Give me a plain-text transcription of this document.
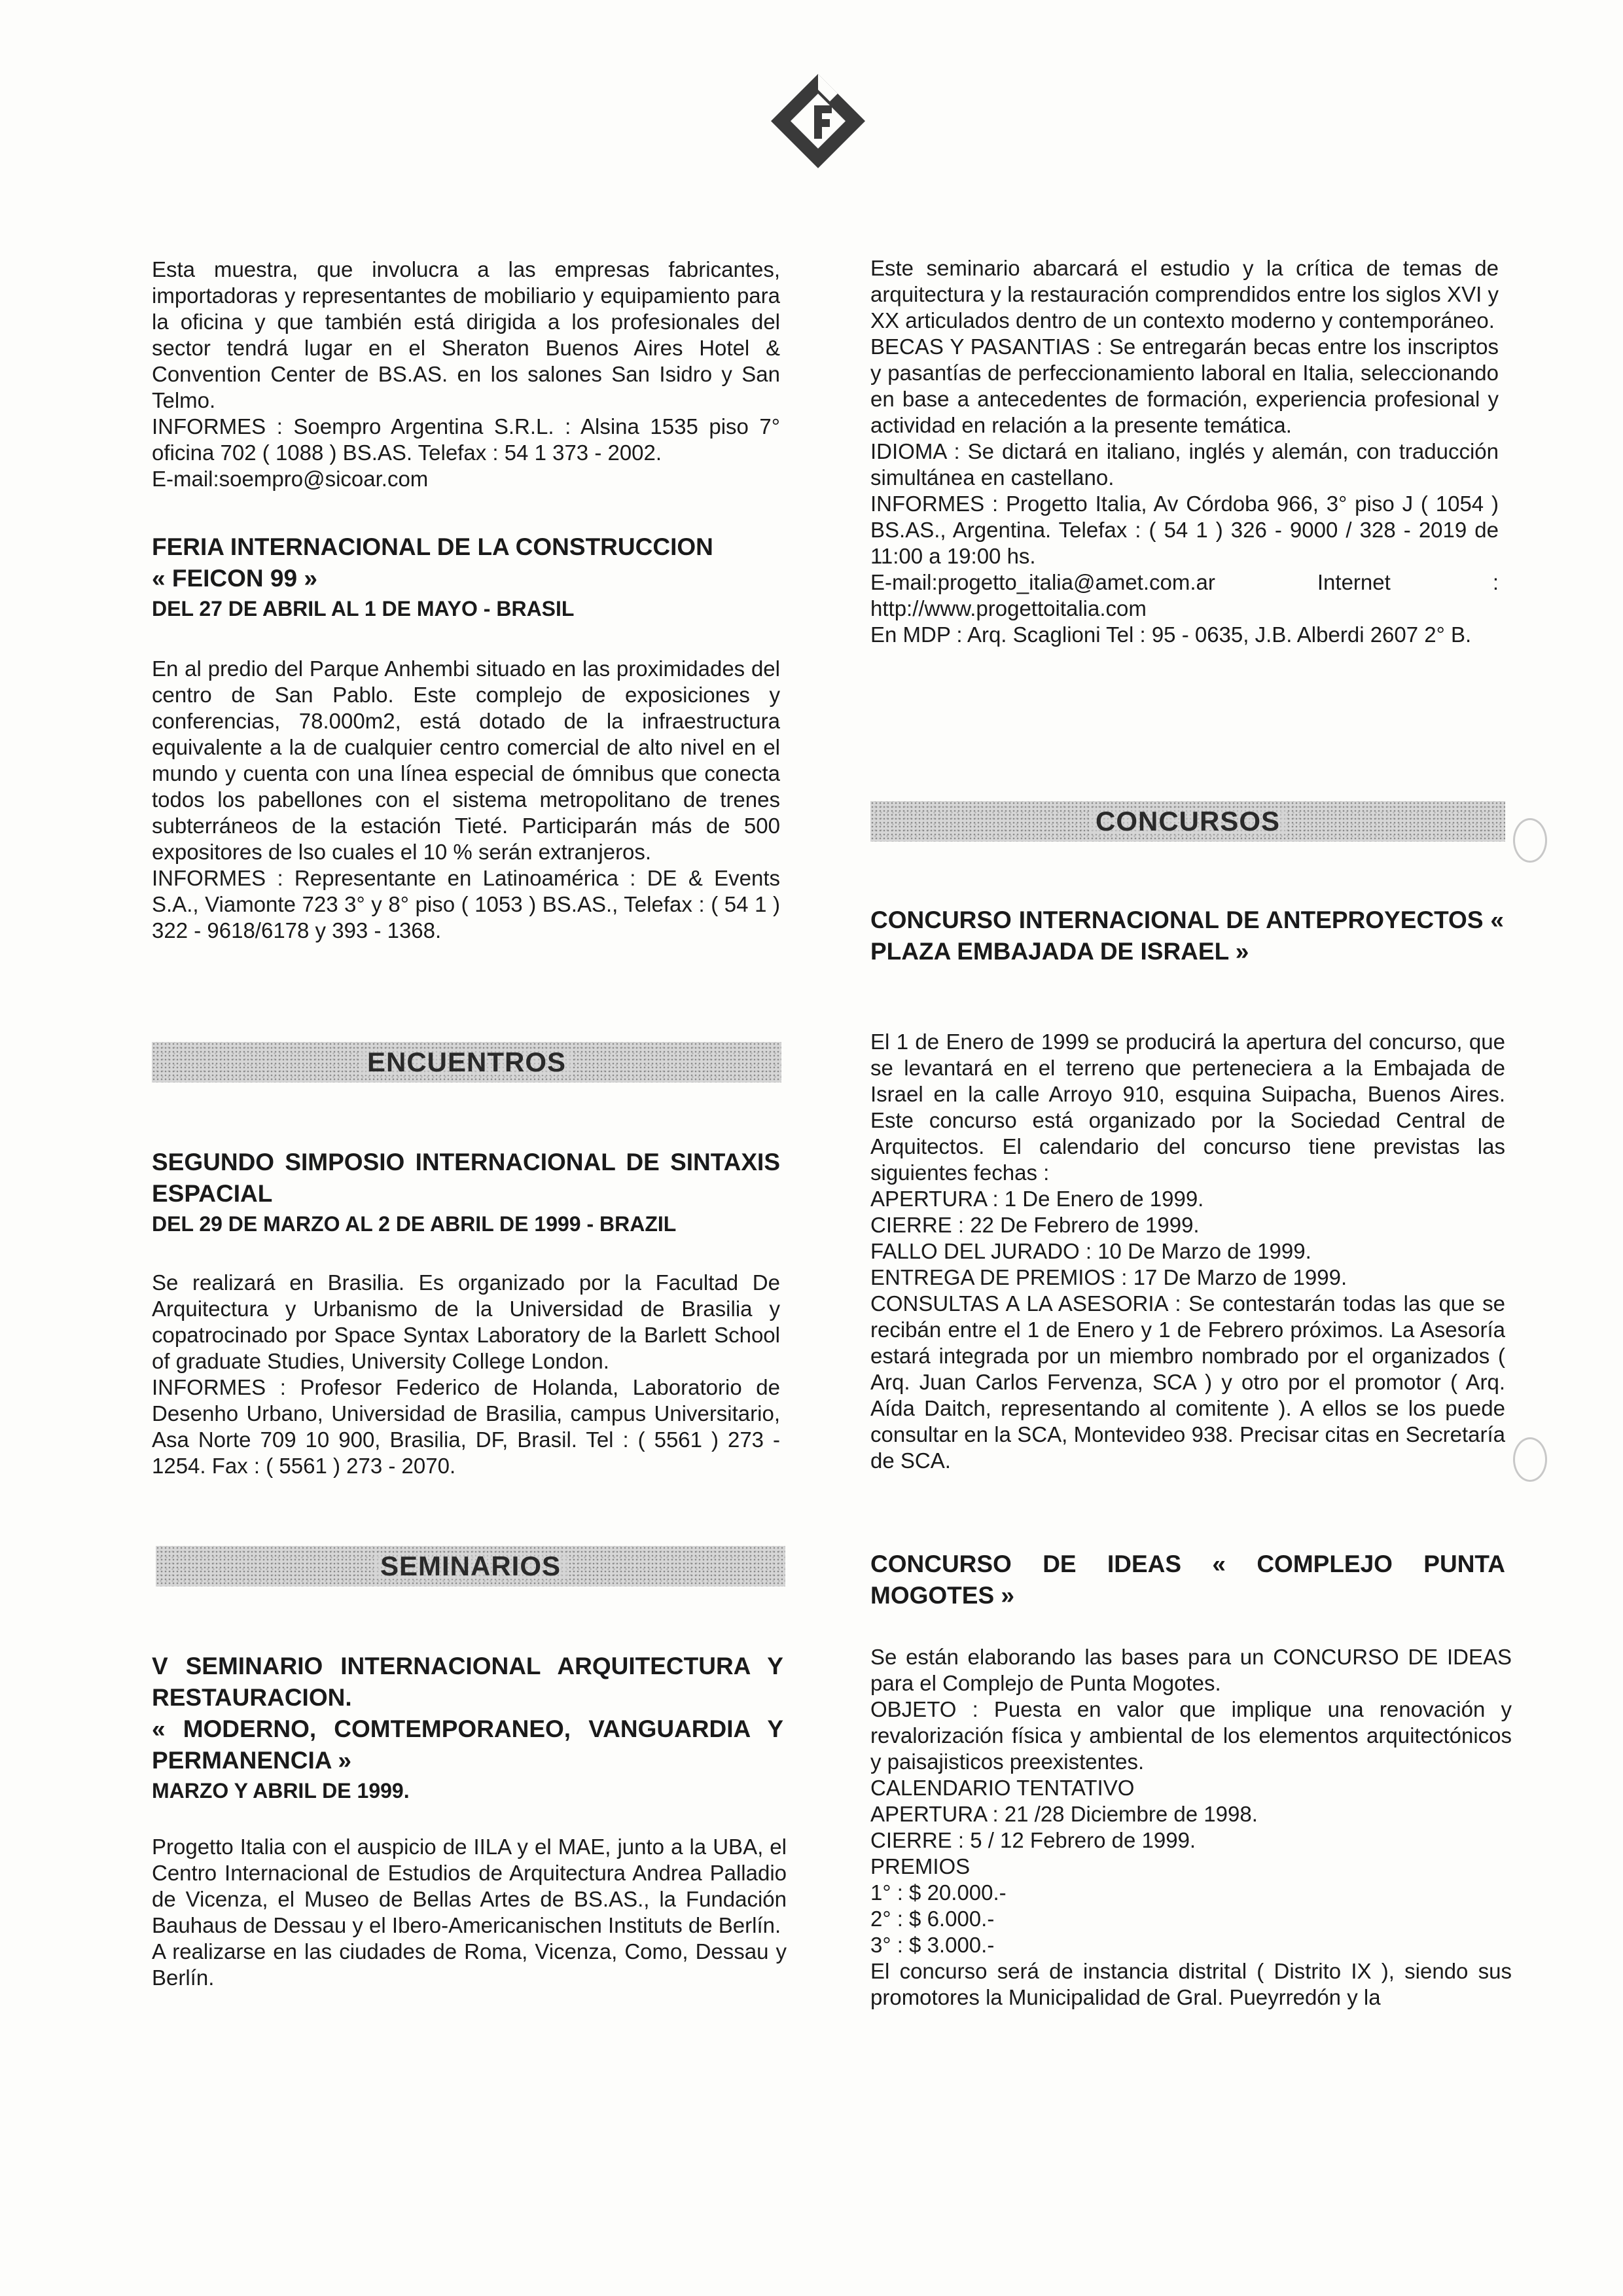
Esta muestra, que involucra a las empresas fabricantes, importadoras y representantes de mobiliario y equipamiento para la oficina y que también está dirigida a los profesionales del sector tendrá lugar en el Sheraton Buenos Aires Hotel & Convention Center de BS.AS. en los salones San Isidro y San Telmo.

INFORMES : Soempro Argentina S.R.L. : Alsina 1535 piso 7° oficina 702 ( 1088 ) BS.AS. Telefax : 54 1 373 - 2002.

E-mail:soempro@sicoar.com

FERIA INTERNACIONAL DE LA CONSTRUCCION

« FEICON 99 »

DEL 27 DE ABRIL AL 1 DE MAYO - BRASIL

En al predio del Parque Anhembi situado en las proximidades del centro de San Pablo. Este complejo de exposiciones y conferencias, 78.000m2, está dotado de la infraestructura equivalente a la de cualquier centro comercial de alto nivel en el mundo y cuenta con una línea especial de ómnibus que conecta todos los pabellones con el sistema metropolitano de trenes subterráneos de la estación Tieté. Participarán más de 500 expositores de lso cuales el 10 % serán extranjeros.

INFORMES : Representante en Latinoamérica : DE & Events S.A., Viamonte 723 3° y 8° piso ( 1053 ) BS.AS., Telefax : ( 54 1 ) 322 - 9618/6178 y 393 - 1368.

ENCUENTROS

SEGUNDO SIMPOSIO INTERNACIONAL DE SINTAXIS ESPACIAL

DEL 29 DE MARZO AL 2 DE ABRIL DE 1999 - BRAZIL

Se realizará en Brasilia. Es organizado por la Facultad De Arquitectura y Urbanismo de la Universidad de Brasilia y copatrocinado por Space Syntax Laboratory de la Barlett School of graduate Studies, University College London.

INFORMES : Profesor Federico de Holanda, Laboratorio de Desenho Urbano, Universidad de Brasilia, campus Universitario, Asa Norte 709 10 900, Brasilia, DF, Brasil. Tel : ( 5561 ) 273 - 1254. Fax : ( 5561 ) 273 - 2070.

SEMINARIOS

V SEMINARIO INTERNACIONAL ARQUITECTURA Y RESTAURACION.

« MODERNO, COMTEMPORANEO, VANGUARDIA Y PERMANENCIA »

MARZO Y ABRIL DE 1999.

Progetto Italia con el auspicio de IILA y el MAE, junto a la UBA, el Centro Internacional de Estudios de Arquitectura Andrea Palladio de Vicenza, el Museo de Bellas Artes de BS.AS., la Fundación Bauhaus de Dessau y el Ibero-Americanischen Instituts de Berlín.

A realizarse en las ciudades de Roma, Vicenza, Como, Dessau y Berlín.

Este seminario abarcará el estudio y la crítica de temas de arquitectura y la restauración comprendidos entre los siglos XVI y XX articulados dentro de un contexto moderno y contemporáneo.

BECAS Y PASANTIAS : Se entregarán becas entre los inscriptos y pasantías de perfeccionamiento laboral en Italia, seleccionando en base a antecedentes de formación, experiencia profesional y actividad en relación a la presente temática.

IDIOMA : Se dictará en italiano, inglés y alemán, con traducción simultánea en castellano.

INFORMES : Progetto Italia, Av Córdoba 966, 3° piso J ( 1054 ) BS.AS., Argentina. Telefax : ( 54 1 ) 326 - 9000 / 328 - 2019 de 11:00 a 19:00 hs.

E-mail:progetto_italia@amet.com.ar Internet : http://www.progettoitalia.com

En MDP : Arq. Scaglioni Tel : 95 - 0635, J.B. Alberdi 2607 2° B.

CONCURSOS

CONCURSO INTERNACIONAL DE ANTEPROYECTOS « PLAZA EMBAJADA DE ISRAEL »

El 1 de Enero de 1999 se producirá la apertura del concurso, que se levantará en el terreno que perteneciera a la Embajada de Israel en la calle Arroyo 910, esquina Suipacha, Buenos Aires. Este concurso está organizado por la Sociedad Central de Arquitectos. El calendario del concurso tiene previstas las siguientes fechas :

APERTURA : 1 De Enero de 1999.

CIERRE : 22 De Febrero de 1999.

FALLO DEL JURADO : 10 De Marzo de 1999.

ENTREGA DE PREMIOS : 17 De Marzo de 1999.

CONSULTAS A LA ASESORIA : Se contestarán todas las que se recibán entre el 1 de Enero y 1 de Febrero próximos. La Asesoría estará integrada por un miembro nombrado por el organizados ( Arq. Juan Carlos Fervenza, SCA ) y otro por el promotor ( Arq. Aída Daitch, representando al comitente ). A ellos se los puede consultar en la SCA, Montevideo 938. Precisar citas en Secretaría de SCA.

CONCURSO DE IDEAS « COMPLEJO PUNTA MOGOTES »

Se están elaborando las bases para un CONCURSO DE IDEAS para el Complejo de Punta Mogotes.

OBJETO : Puesta en valor que implique una renovación y revalorización física y ambiental de los elementos arquitectónicos y paisajisticos preexistentes.

CALENDARIO TENTATIVO

APERTURA : 21 /28 Diciembre de 1998.

CIERRE : 5 / 12 Febrero de 1999.

PREMIOS

1° : $ 20.000.-

2° : $ 6.000.-

3° : $ 3.000.-

El concurso será de instancia distrital ( Distrito IX ), siendo sus promotores la Municipalidad de Gral. Pueyrredón y la
